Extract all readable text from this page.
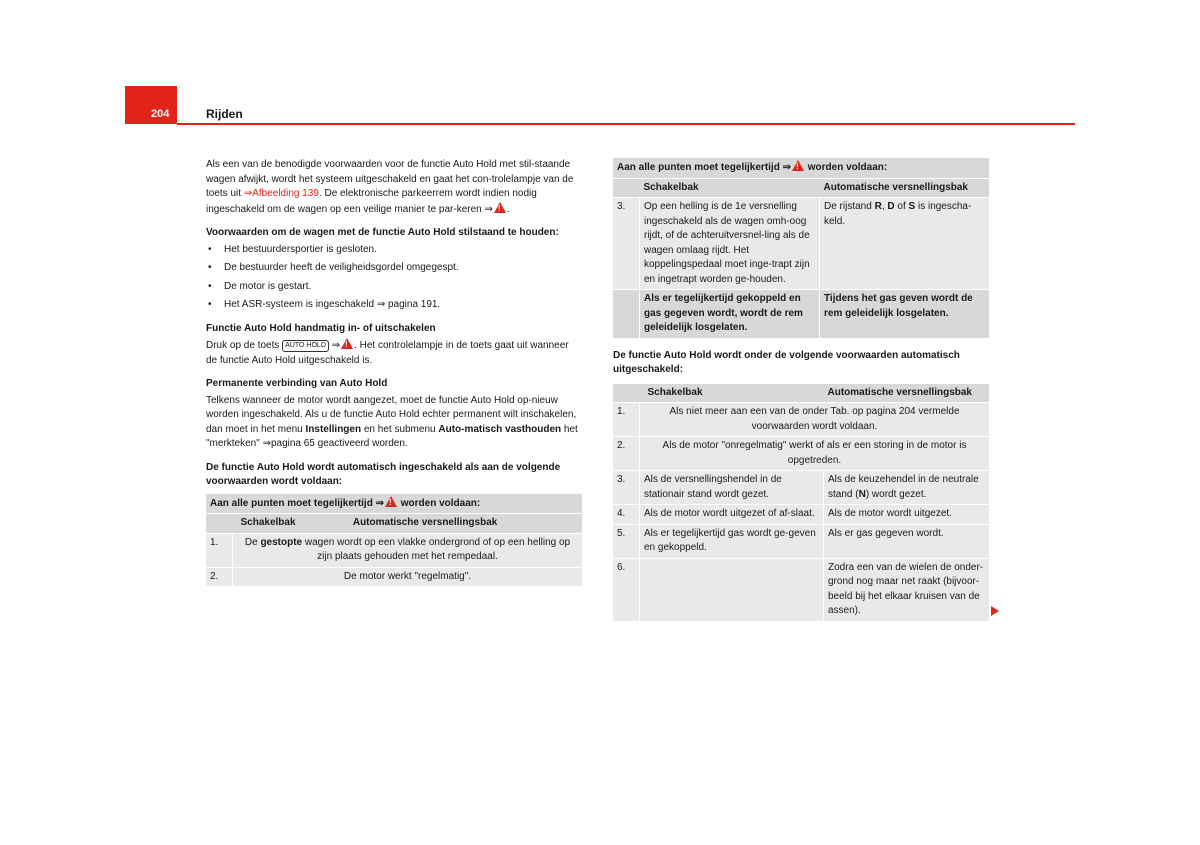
204	Rijden

Als een van de benodigde voorwaarden voor de functie Auto Hold met stil-staande wagen afwijkt, wordt het systeem uitgeschakeld en gaat het con-trolelampje van de toets uit ⇒Afbeelding 139. De elektronische parkeerrem wordt indien nodig ingeschakeld om de wagen op een veilige manier te par-keren ⇒ ! .

Voorwaarden om de wagen met de functie Auto Hold stilstaand te houden:

• Het bestuurdersportier is gesloten.
• De bestuurder heeft de veiligheidsgordel omgegespt.
• De motor is gestart.
• Het ASR-systeem is ingeschakeld ⇒ pagina 191.

Functie Auto Hold handmatig in- of uitschakelen

Druk op de toets AUTO HOLD ⇒ ! . Het controlelampje in de toets gaat uit wanneer de functie Auto Hold uitgeschakeld is.

Permanente verbinding van Auto Hold

Telkens wanneer de motor wordt aangezet, moet de functie Auto Hold op-nieuw worden ingeschakeld. Als u de functie Auto Hold echter permanent wilt inschakelen, dan moet in het menu Instellingen en het submenu Auto-matisch vasthouden het "merkteken" ⇒pagina 65 geactiveerd worden.

De functie Auto Hold wordt automatisch ingeschakeld als aan de volgende voorwaarden wordt voldaan:

Aan alle punten moet tegelijkertijd ⇒! worden voldaan:
	Schakelbak	Automatische versnellingsbak
1.	De gestopte wagen wordt op een vlakke ondergrond of op een helling op zijn plaats gehouden met het rempedaal.	
2.	De motor werkt "regelmatig".	
Aan alle punten moet tegelijkertijd ⇒! worden voldaan:
	Schakelbak	Automatische versnellingsbak
3.	Op een helling is de 1e versnelling ingeschakeld als de wagen omh-oog rijdt, of de achteruitversnel-ling als de wagen omlaag rijdt. Het koppelingspedaal moet inge-trapt zijn en ingetrapt worden ge-houden.	De rijstand R, D of S is ingescha-keld.
	Als er tegelijkertijd gekoppeld en gas gegeven wordt, wordt de rem geleidelijk losgelaten.	Tijdens het gas geven wordt de rem geleidelijk losgelaten.

De functie Auto Hold wordt onder de volgende voorwaarden automatisch uitgeschakeld:

	Schakelbak	Automatische versnellingsbak
1.	Als niet meer aan een van de onder Tab. op pagina 204 vermelde voorwaarden wordt voldaan.	
2.	Als de motor "onregelmatig" werkt of als er een storing in de motor is opgetreden.	
3.	Als de versnellingshendel in de stationair stand wordt gezet.	Als de keuzehendel in de neutrale stand (N) wordt gezet.
4.	Als de motor wordt uitgezet of af-slaat.	Als de motor wordt uitgezet.
5.	Als er tegelijkertijd gas wordt ge-geven en gekoppeld.	Als er gas gegeven wordt.
6.		Zodra een van de wielen de onder-grond nog maar net raakt (bijvoor-beeld bij het elkaar kruisen van de assen).
